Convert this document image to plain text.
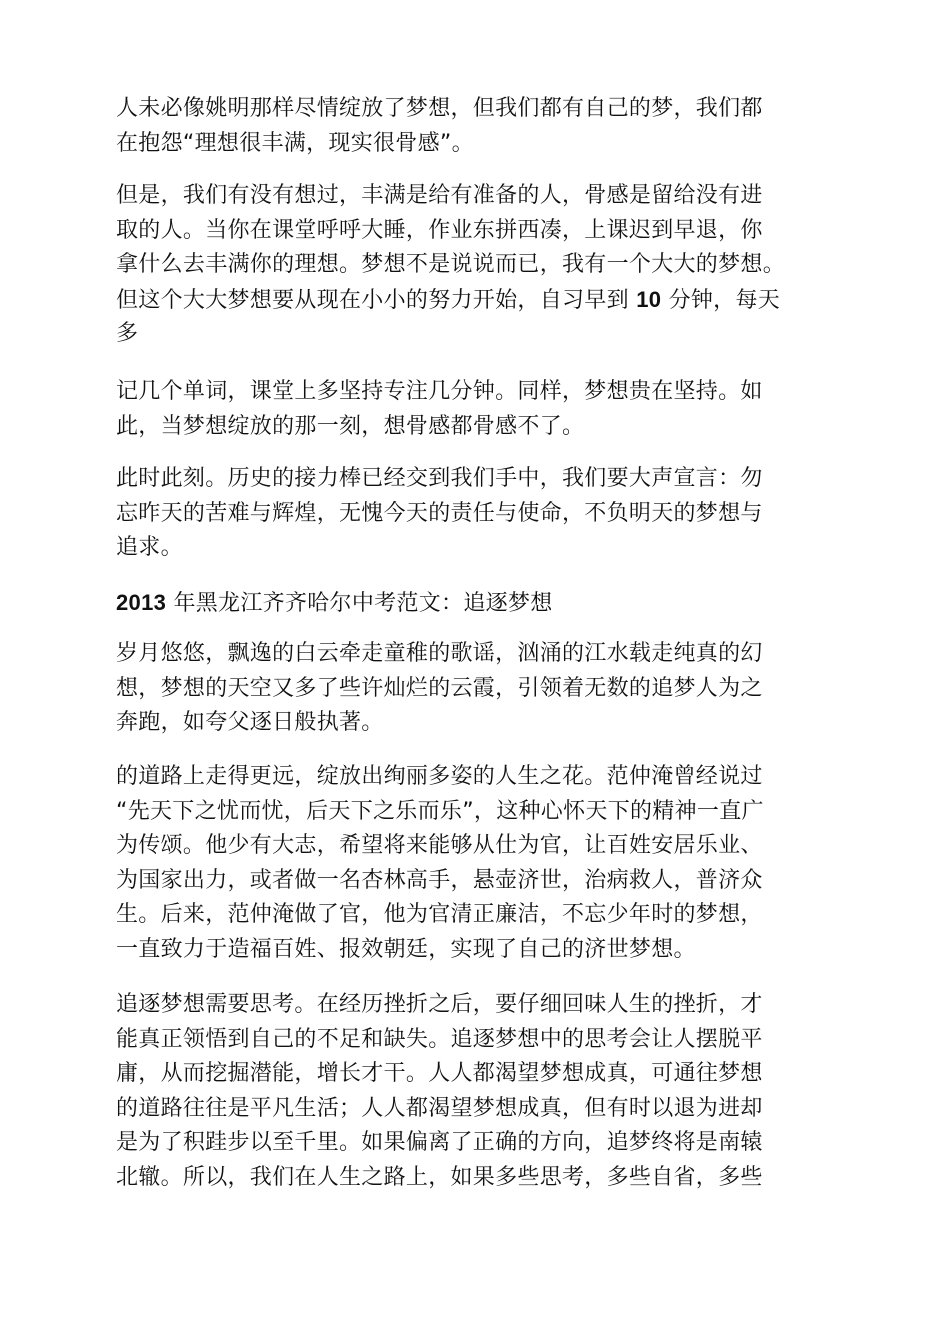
人未必像姚明那样尽情绽放了梦想，但我们都有自己的梦，我们都
在抱怨“理想很丰满，现实很骨感”。
但是，我们有没有想过，丰满是给有准备的人，骨感是留给没有进
取的人。当你在课堂呼呼大睡，作业东拼西凑，上课迟到早退，你
拿什么去丰满你的理想。梦想不是说说而已，我有一个大大的梦想。
但这个大大梦想要从现在小小的努力开始，自习早到 10 分钟，每天
多
记几个单词，课堂上多坚持专注几分钟。同样，梦想贵在坚持。如
此，当梦想绽放的那一刻，想骨感都骨感不了。
此时此刻。历史的接力棒已经交到我们手中，我们要大声宣言：勿
忘昨天的苦难与辉煌，无愧今天的责任与使命，不负明天的梦想与
追求。
2013 年黑龙江齐齐哈尔中考范文：追逐梦想
岁月悠悠，飘逸的白云牵走童稚的歌谣，汹涌的江水载走纯真的幻
想，梦想的天空又多了些许灿烂的云霞，引领着无数的追梦人为之
奔跑，如夸父逐日般执著。
的道路上走得更远，绽放出绚丽多姿的人生之花。范仲淹曾经说过
“先天下之忧而忧，后天下之乐而乐”，这种心怀天下的精神一直广
为传颂。他少有大志，希望将来能够从仕为官，让百姓安居乐业、
为国家出力，或者做一名杏林高手，悬壶济世，治病救人，普济众
生。后来，范仲淹做了官，他为官清正廉洁，不忘少年时的梦想，
一直致力于造福百姓、报效朝廷，实现了自己的济世梦想。
追逐梦想需要思考。在经历挫折之后，要仔细回味人生的挫折，才
能真正领悟到自己的不足和缺失。追逐梦想中的思考会让人摆脱平
庸，从而挖掘潜能，增长才干。人人都渴望梦想成真，可通往梦想
的道路往往是平凡生活；人人都渴望梦想成真，但有时以退为进却
是为了积跬步以至千里。如果偏离了正确的方向，追梦终将是南辕
北辙。所以，我们在人生之路上，如果多些思考，多些自省，多些
